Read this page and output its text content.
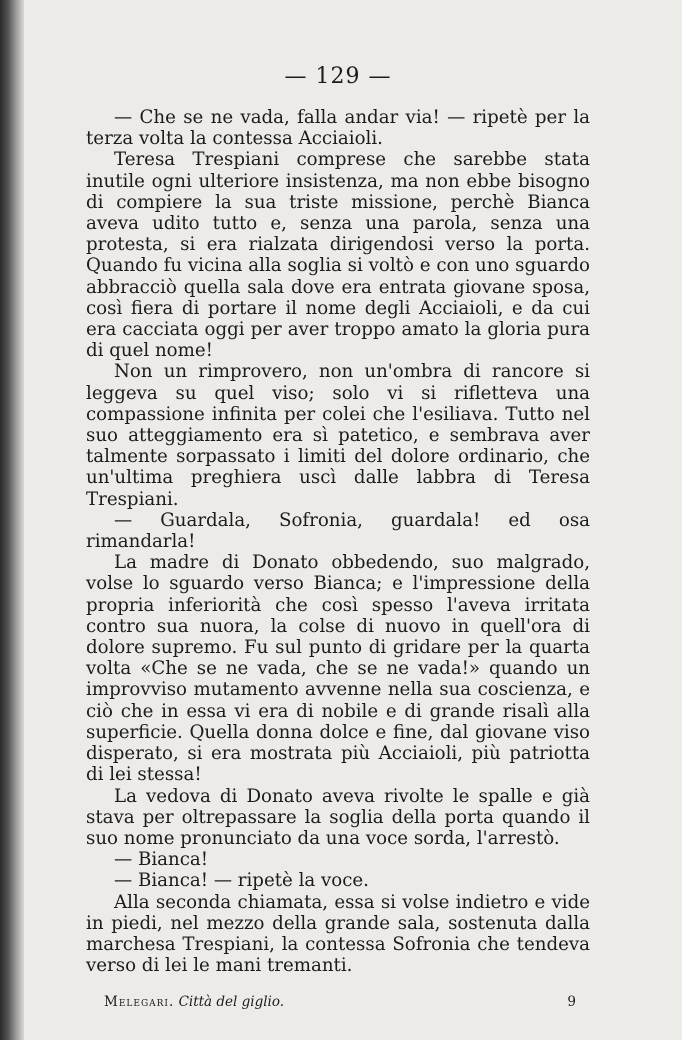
— 129 —

— Che se ne vada, falla andar via! — ripetè per la terza volta la contessa Acciaioli.

Teresa Trespiani comprese che sarebbe stata inutile ogni ulteriore insistenza, ma non ebbe bisogno di compiere la sua triste missione, perchè Bianca aveva udito tutto e, senza una parola, senza una protesta, si era rialzata dirigendosi verso la porta. Quando fu vicina alla soglia si voltò e con uno sguardo abbracciò quella sala dove era entrata giovane sposa, così fiera di portare il nome degli Acciaioli, e da cui era cacciata oggi per aver troppo amato la gloria pura di quel nome!

Non un rimprovero, non un'ombra di rancore si leggeva su quel viso; solo vi si rifletteva una compassione infinita per colei che l'esiliava. Tutto nel suo atteggiamento era sì patetico, e sembrava aver talmente sorpassato i limiti del dolore ordinario, che un'ultima preghiera uscì dalle labbra di Teresa Trespiani.

— Guardala, Sofronia, guardala! ed osa rimandarla!

La madre di Donato obbedendo, suo malgrado, volse lo sguardo verso Bianca; e l'impressione della propria inferiorità che così spesso l'aveva irritata contro sua nuora, la colse di nuovo in quell'ora di dolore supremo. Fu sul punto di gridare per la quarta volta «Che se ne vada, che se ne vada!» quando un improvviso mutamento avvenne nella sua coscienza, e ciò che in essa vi era di nobile e di grande risalì alla superficie. Quella donna dolce e fine, dal giovane viso disperato, si era mostrata più Acciaioli, più patriotta di lei stessa!

La vedova di Donato aveva rivolte le spalle e già stava per oltrepassare la soglia della porta quando il suo nome pronunciato da una voce sorda, l'arrestò.

— Bianca!

— Bianca! — ripetè la voce.

Alla seconda chiamata, essa si volse indietro e vide in piedi, nel mezzo della grande sala, sostenuta dalla marchesa Trespiani, la contessa Sofronia che tendeva verso di lei le mani tremanti.

Melegari. Città del giglio.	9
